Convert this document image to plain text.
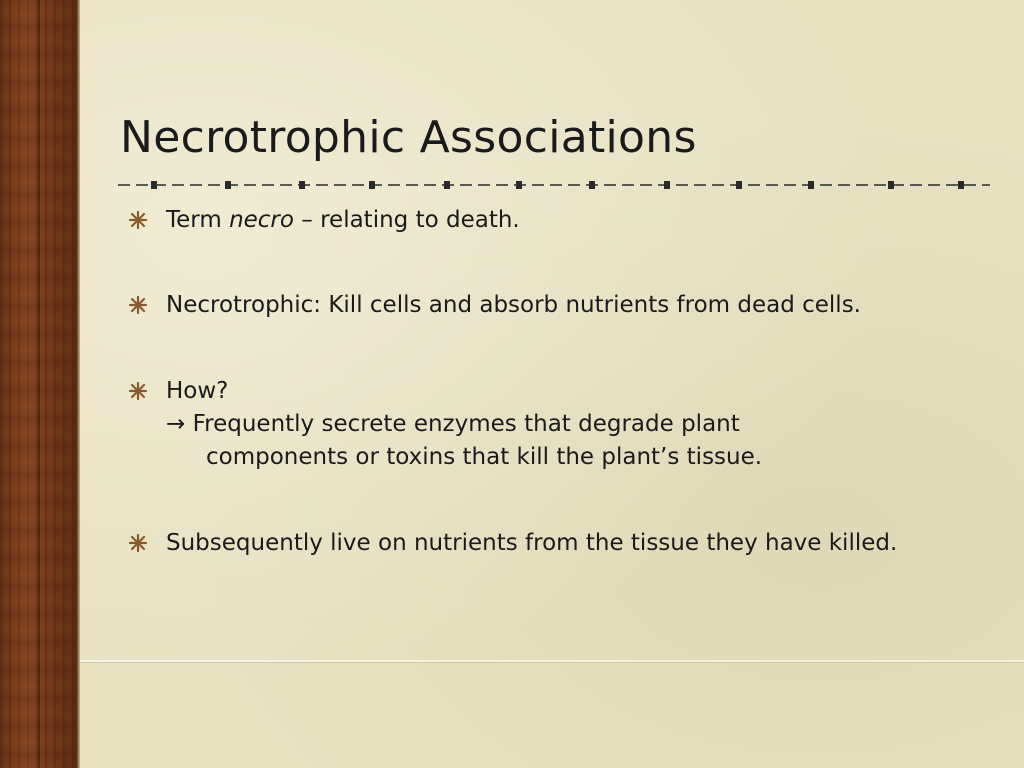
Necrotrophic Associations
Term necro – relating to death.
Necrotrophic: Kill cells and absorb nutrients from dead cells.
How?
→ Frequently secrete enzymes that degrade plant
components or toxins that kill the plant’s tissue.
Subsequently live on nutrients from the tissue they have killed.
